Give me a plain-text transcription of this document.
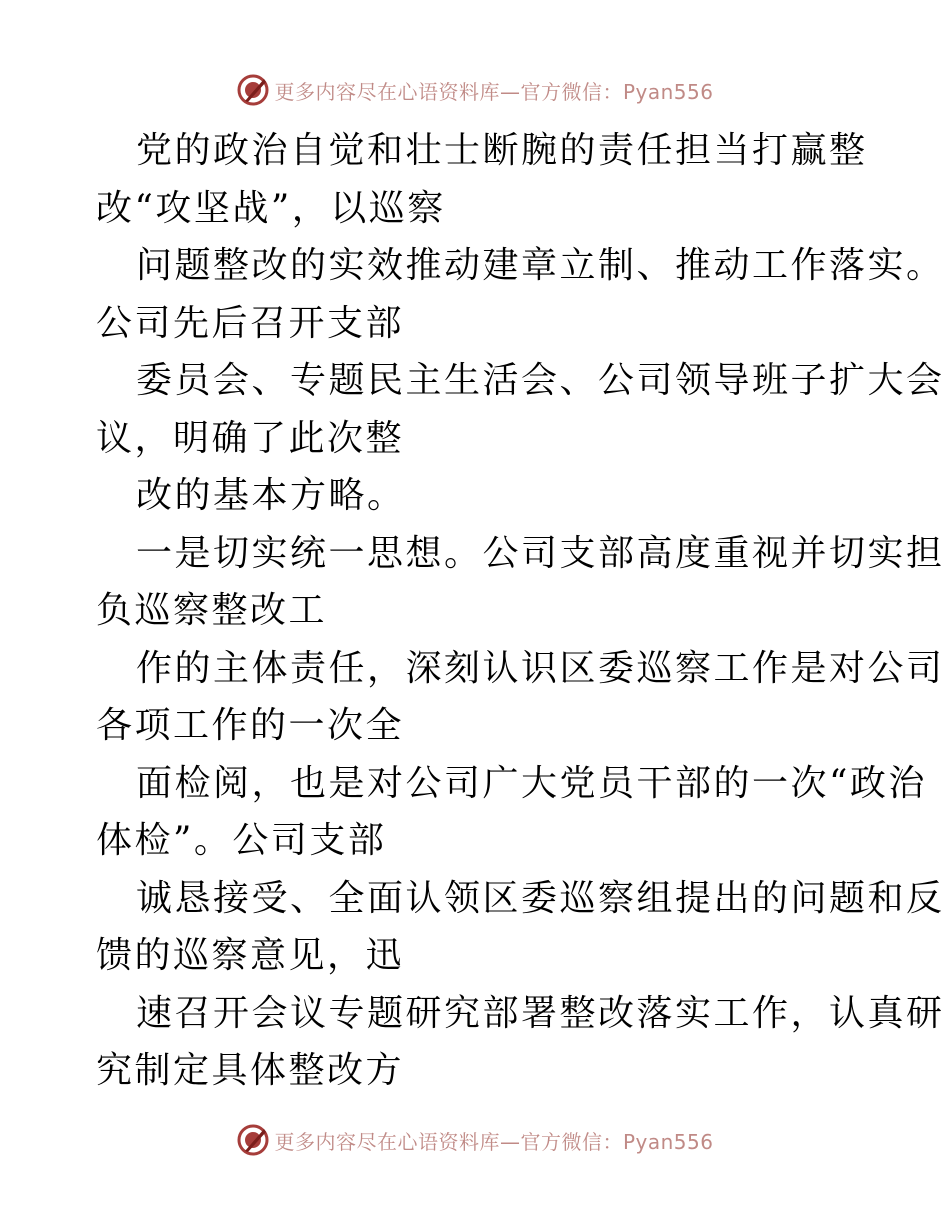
更多内容尽在心语资料库—官方微信：Pyan556
党的政治自觉和壮士断腕的责任担当打赢整
改“攻坚战”，以巡察
问题整改的实效推动建章立制、推动工作落实。
公司先后召开支部
委员会、专题民主生活会、公司领导班子扩大会
议，明确了此次整
改的基本方略。
一是切实统一思想。公司支部高度重视并切实担
负巡察整改工
作的主体责任，深刻认识区委巡察工作是对公司
各项工作的一次全
面检阅，也是对公司广大党员干部的一次“政治
体检”。公司支部
诚恳接受、全面认领区委巡察组提出的问题和反
馈的巡察意见，迅
速召开会议专题研究部署整改落实工作，认真研
究制定具体整改方
更多内容尽在心语资料库—官方微信：Pyan556
